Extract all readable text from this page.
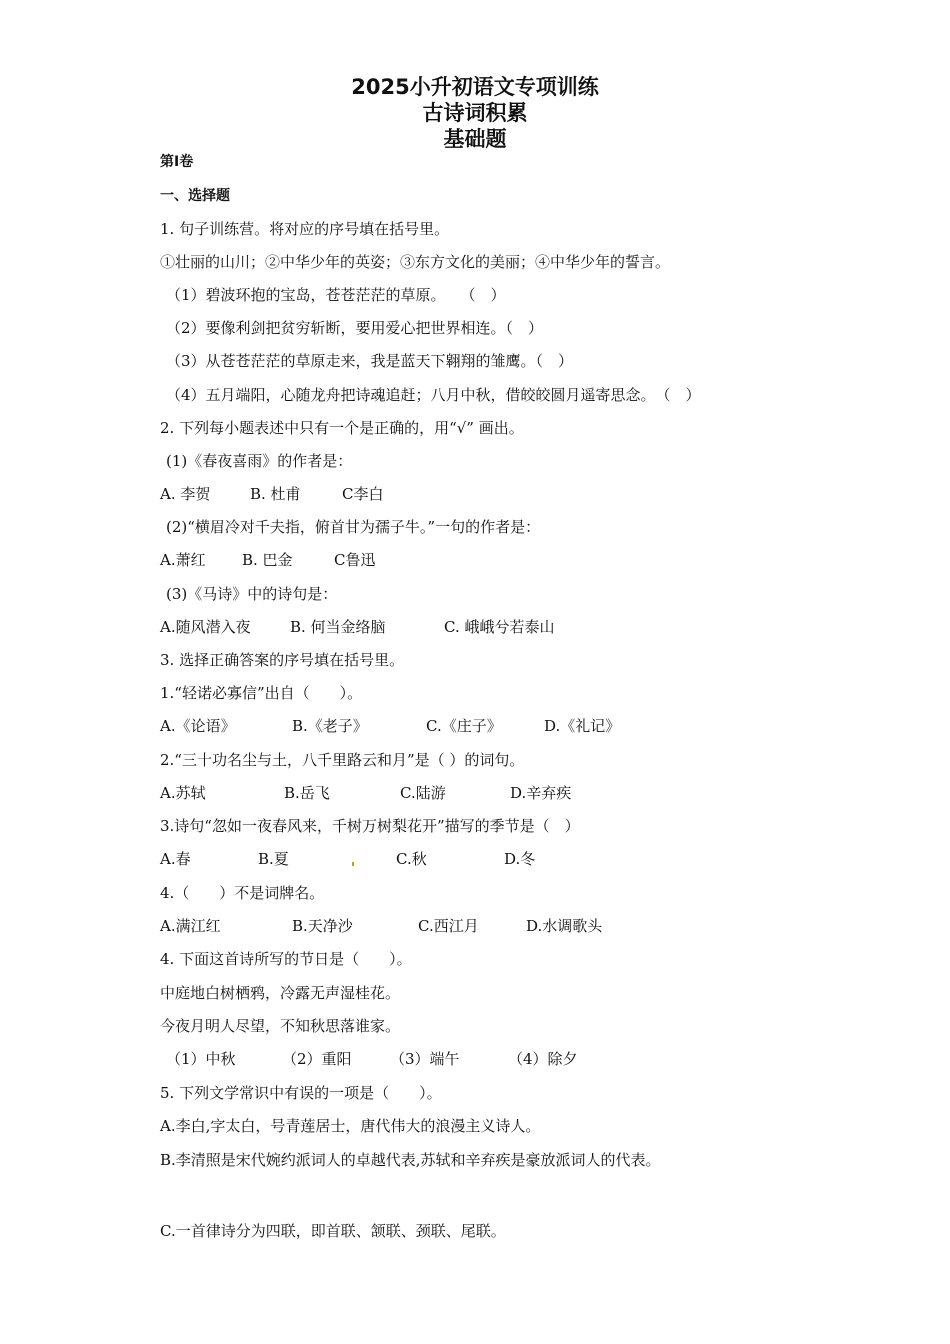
2025小升初语文专项训练
古诗词积累
基础题
第Ⅰ卷
一、选择题
1. 句子训练营。将对应的序号填在括号里。
①壮丽的山川；②中华少年的英姿；③东方文化的美丽；④中华少年的誓言。
（1）碧波环抱的宝岛，苍苍茫茫的草原。　　（　）
（2）要像利剑把贫穷斩断，要用爱心把世界相连。（　）
（3）从苍苍茫茫的草原走来，我是蓝天下翱翔的雏鹰。（　）
（4）五月端阳，心随龙舟把诗魂追赶；八月中秋，借皎皎圆月遥寄思念。　（　）
2. 下列每小题表述中只有一个是正确的，用“√” 画出。
(1)《春夜喜雨》的作者是：
A. 李贺	B. 杜甫	C李白
(2)“横眉冷对千夫指，俯首甘为孺子牛。”一句的作者是：
A.萧红 B. 巴金	C鲁迅
(3)《马诗》中的诗句是：
A.随风潜入夜	B. 何当金络脑	C. 峨峨兮若泰山
3. 选择正确答案的序号填在括号里。
1.“轻诺必寡信”出自（　　）。
A.《论语》	B.《老子》	C.《庄子》	D.《礼记》
2.“三十功名尘与土，八千里路云和月”是（ ）的词句。
A.苏轼	B.岳飞	C.陆游	D.辛弃疾
3.诗句“忽如一夜春风来，千树万树梨花开”描写的季节是（　）
A.春	B.夏	C.秋	D.冬
4.（　　）不是词牌名。
A.满江红	B.天净沙	C.西江月	D.水调歌头
4. 下面这首诗所写的节日是（　　）。
中庭地白树栖鸦，冷露无声湿桂花。
今夜月明人尽望，不知秋思落谁家。
（1）中秋	（2）重阳	（3）端午	（4）除夕
5. 下列文学常识中有误的一项是（　　）。
A.李白,字太白，号青莲居士，唐代伟大的浪漫主义诗人。
B.李清照是宋代婉约派词人的卓越代表,苏轼和辛弃疾是豪放派词人的代表。
C.一首律诗分为四联，即首联、颔联、颈联、尾联。
